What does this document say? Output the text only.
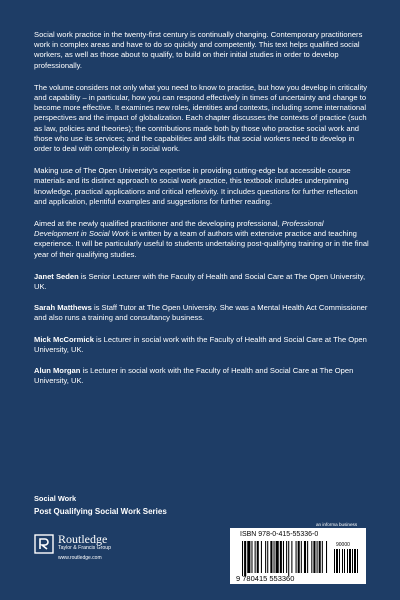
Social work practice in the twenty-first century is continually changing. Contemporary practitioners work in complex areas and have to do so quickly and competently. This text helps qualified social workers, as well as those about to qualify, to build on their initial studies in order to develop professionally.

The volume considers not only what you need to know to practise, but how you develop in criticality and capability – in particular, how you can respond effectively in times of uncertainty and change to become more effective. It examines new roles, identities and contexts, including some international perspectives and the impact of globalization. Each chapter discusses the contexts of practice (such as law, policies and theories); the contributions made both by those who practise social work and those who use its services; and the capabilities and skills that social workers need to develop in order to deal with complexity in social work.

Making use of The Open University's expertise in providing cutting-edge but accessible course materials and its distinct approach to social work practice, this textbook includes underpinning knowledge, practical applications and critical reflexivity. It includes questions for further reflection and application, plentiful examples and suggestions for further reading.

Aimed at the newly qualified practitioner and the developing professional, Professional Development in Social Work is written by a team of authors with extensive practice and teaching experience. It will be particularly useful to students undertaking post-qualifying training or in the final year of their qualifying studies.

Janet Seden is Senior Lecturer with the Faculty of Health and Social Care at The Open University, UK.

Sarah Matthews is Staff Tutor at The Open University. She was a Mental Health Act Commissioner and also runs a training and consultancy business.

Mick McCormick is Lecturer in social work with the Faculty of Health and Social Care at The Open University, UK.

Alun Morgan is Lecturer in social work with the Faculty of Health and Social Care at The Open University, UK.

Social Work
Post Qualifying Social Work Series
Routledge
Taylor & Francis Group
www.routledge.com
an informa business
ISBN 978-0-415-55336-0
9 780415 553360
90000
